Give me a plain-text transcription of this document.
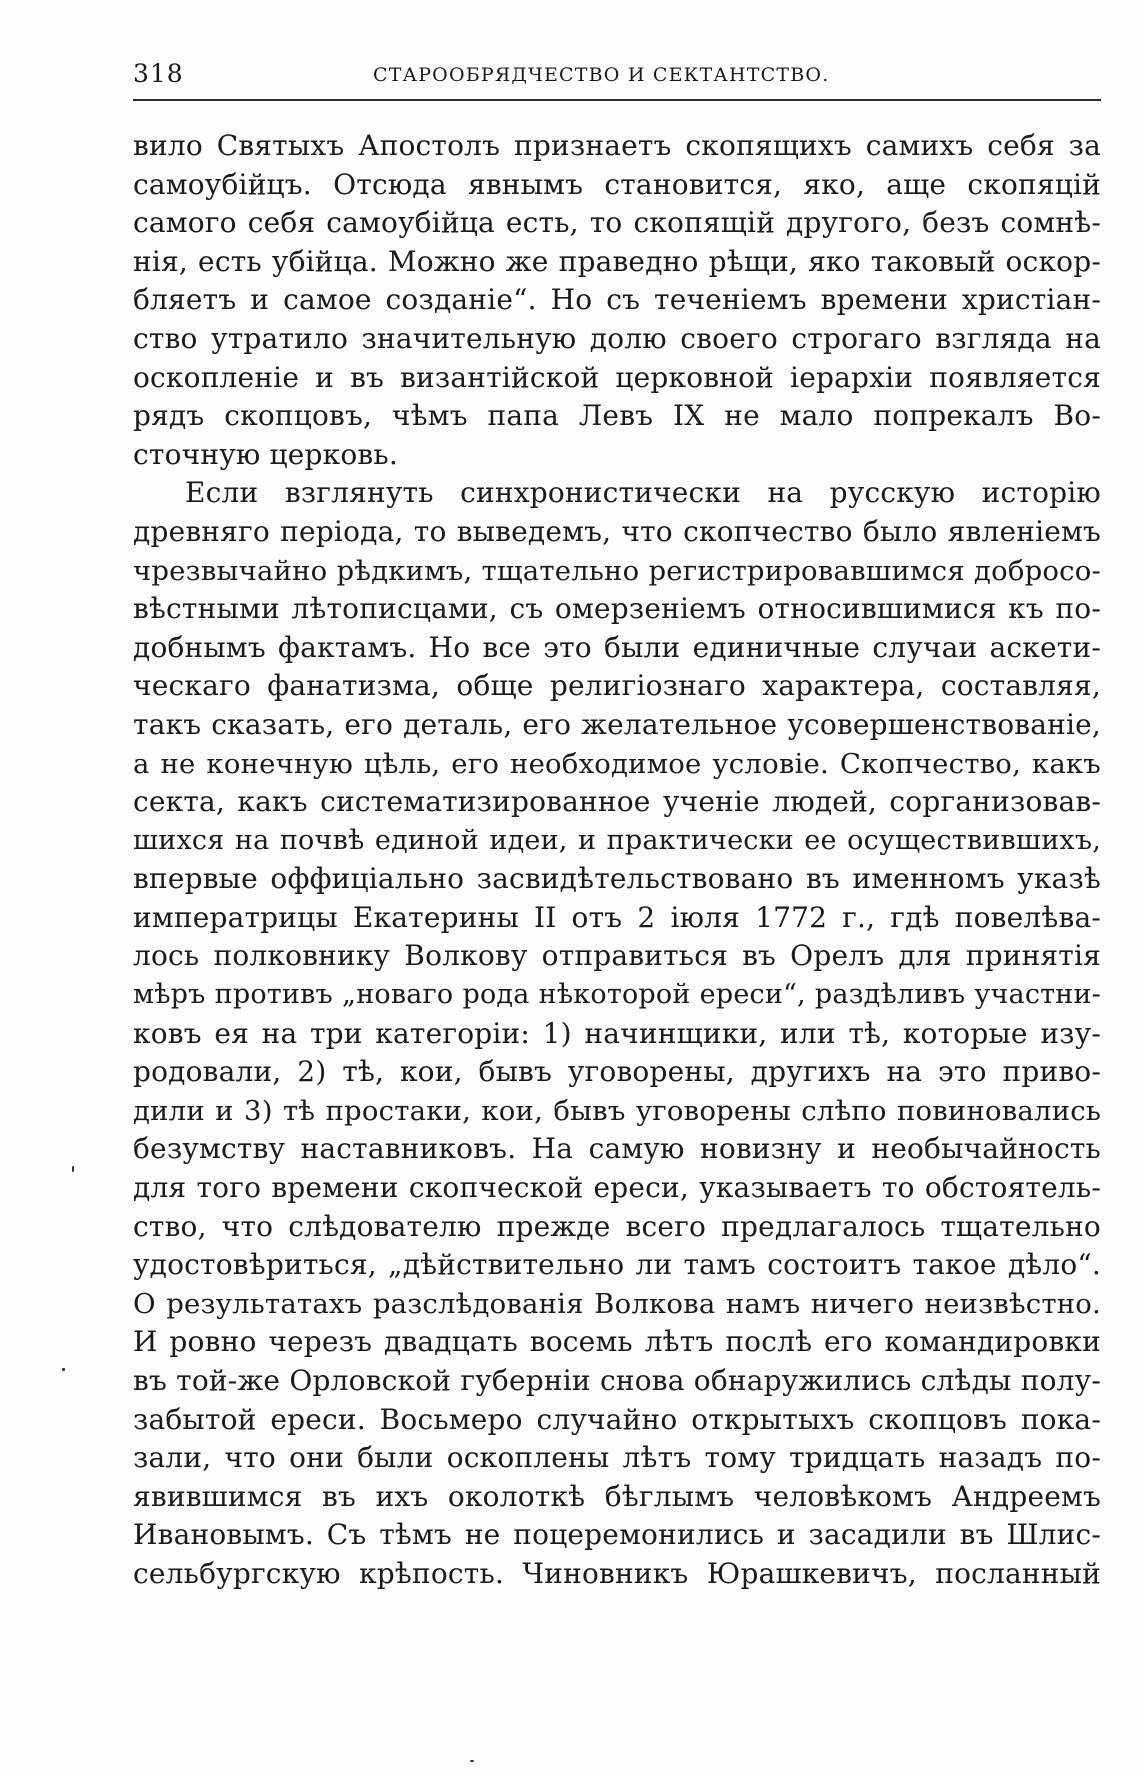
318	СТАРООБРЯДЧЕСТВО И СЕКТАНТСТВО.
вило Святыхъ Апостолъ признаетъ скопящихъ самихъ себя за
самоубійцъ. Отсюда явнымъ становится, яко, аще скопяцій
самого себя самоубійца есть, то скопящій другого, безъ сомнѣ-
нія, есть убійца. Можно же праведно рѣщи, яко таковый оскор-
бляетъ и самое созданіе“. Но съ теченіемъ времени христіан-
ство утратило значительную долю своего строгаго взгляда на
оскопленіе и въ византійской церковной іерархіи появляется
рядъ скопцовъ, чѣмъ папа Левъ IX не мало попрекалъ Во-
сточную церковь.
Если взглянуть синхронистически на русскую исторію
древняго періода, то выведемъ, что скопчество было явленіемъ
чрезвычайно рѣдкимъ, тщательно регистрировавшимся добросо-
вѣстными лѣтописцами, съ омерзеніемъ относившимися къ по-
добнымъ фактамъ. Но все это были единичные случаи аскети-
ческаго фанатизма, обще религіознаго характера, составляя,
такъ сказать, его деталь, его желательное усовершенствованіе,
а не конечную цѣль, его необходимое условіе. Скопчество, какъ
секта, какъ систематизированное ученіе людей, сорганизовав-
шихся на почвѣ единой идеи, и практически ее осуществившихъ,
впервые оффиціально засвидѣтельствовано въ именномъ указѣ
императрицы Екатерины II отъ 2 іюля 1772 г., гдѣ повелѣва-
лось полковнику Волкову отправиться въ Орелъ для принятія
мѣръ противъ „новаго рода нѣкоторой ереси“, раздѣливъ участни-
ковъ ея на три категоріи: 1) начинщики, или тѣ, которые изу-
родовали, 2) тѣ, кои, бывъ уговорены, другихъ на это приво-
дили и 3) тѣ простаки, кои, бывъ уговорены слѣпо повиновались
безумству наставниковъ. На самую новизну и необычайность
для того времени скопческой ереси, указываетъ то обстоятель-
ство, что слѣдователю прежде всего предлагалось тщательно
удостовѣриться, „дѣйствительно ли тамъ состоитъ такое дѣло“.
О результатахъ разслѣдованія Волкова намъ ничего неизвѣстно.
И ровно черезъ двадцать восемь лѣтъ послѣ его командировки
въ той-же Орловской губерніи снова обнаружились слѣды полу-
забытой ереси. Восьмеро случайно открытыхъ скопцовъ пока-
зали, что они были оскоплены лѣтъ тому тридцать назадъ по-
явившимся въ ихъ околоткѣ бѣглымъ человѣкомъ Андреемъ
Ивановымъ. Съ тѣмъ не поцеремонились и засадили въ Шлис-
сельбургскую крѣпость. Чиновникъ Юрашкевичъ, посланный
